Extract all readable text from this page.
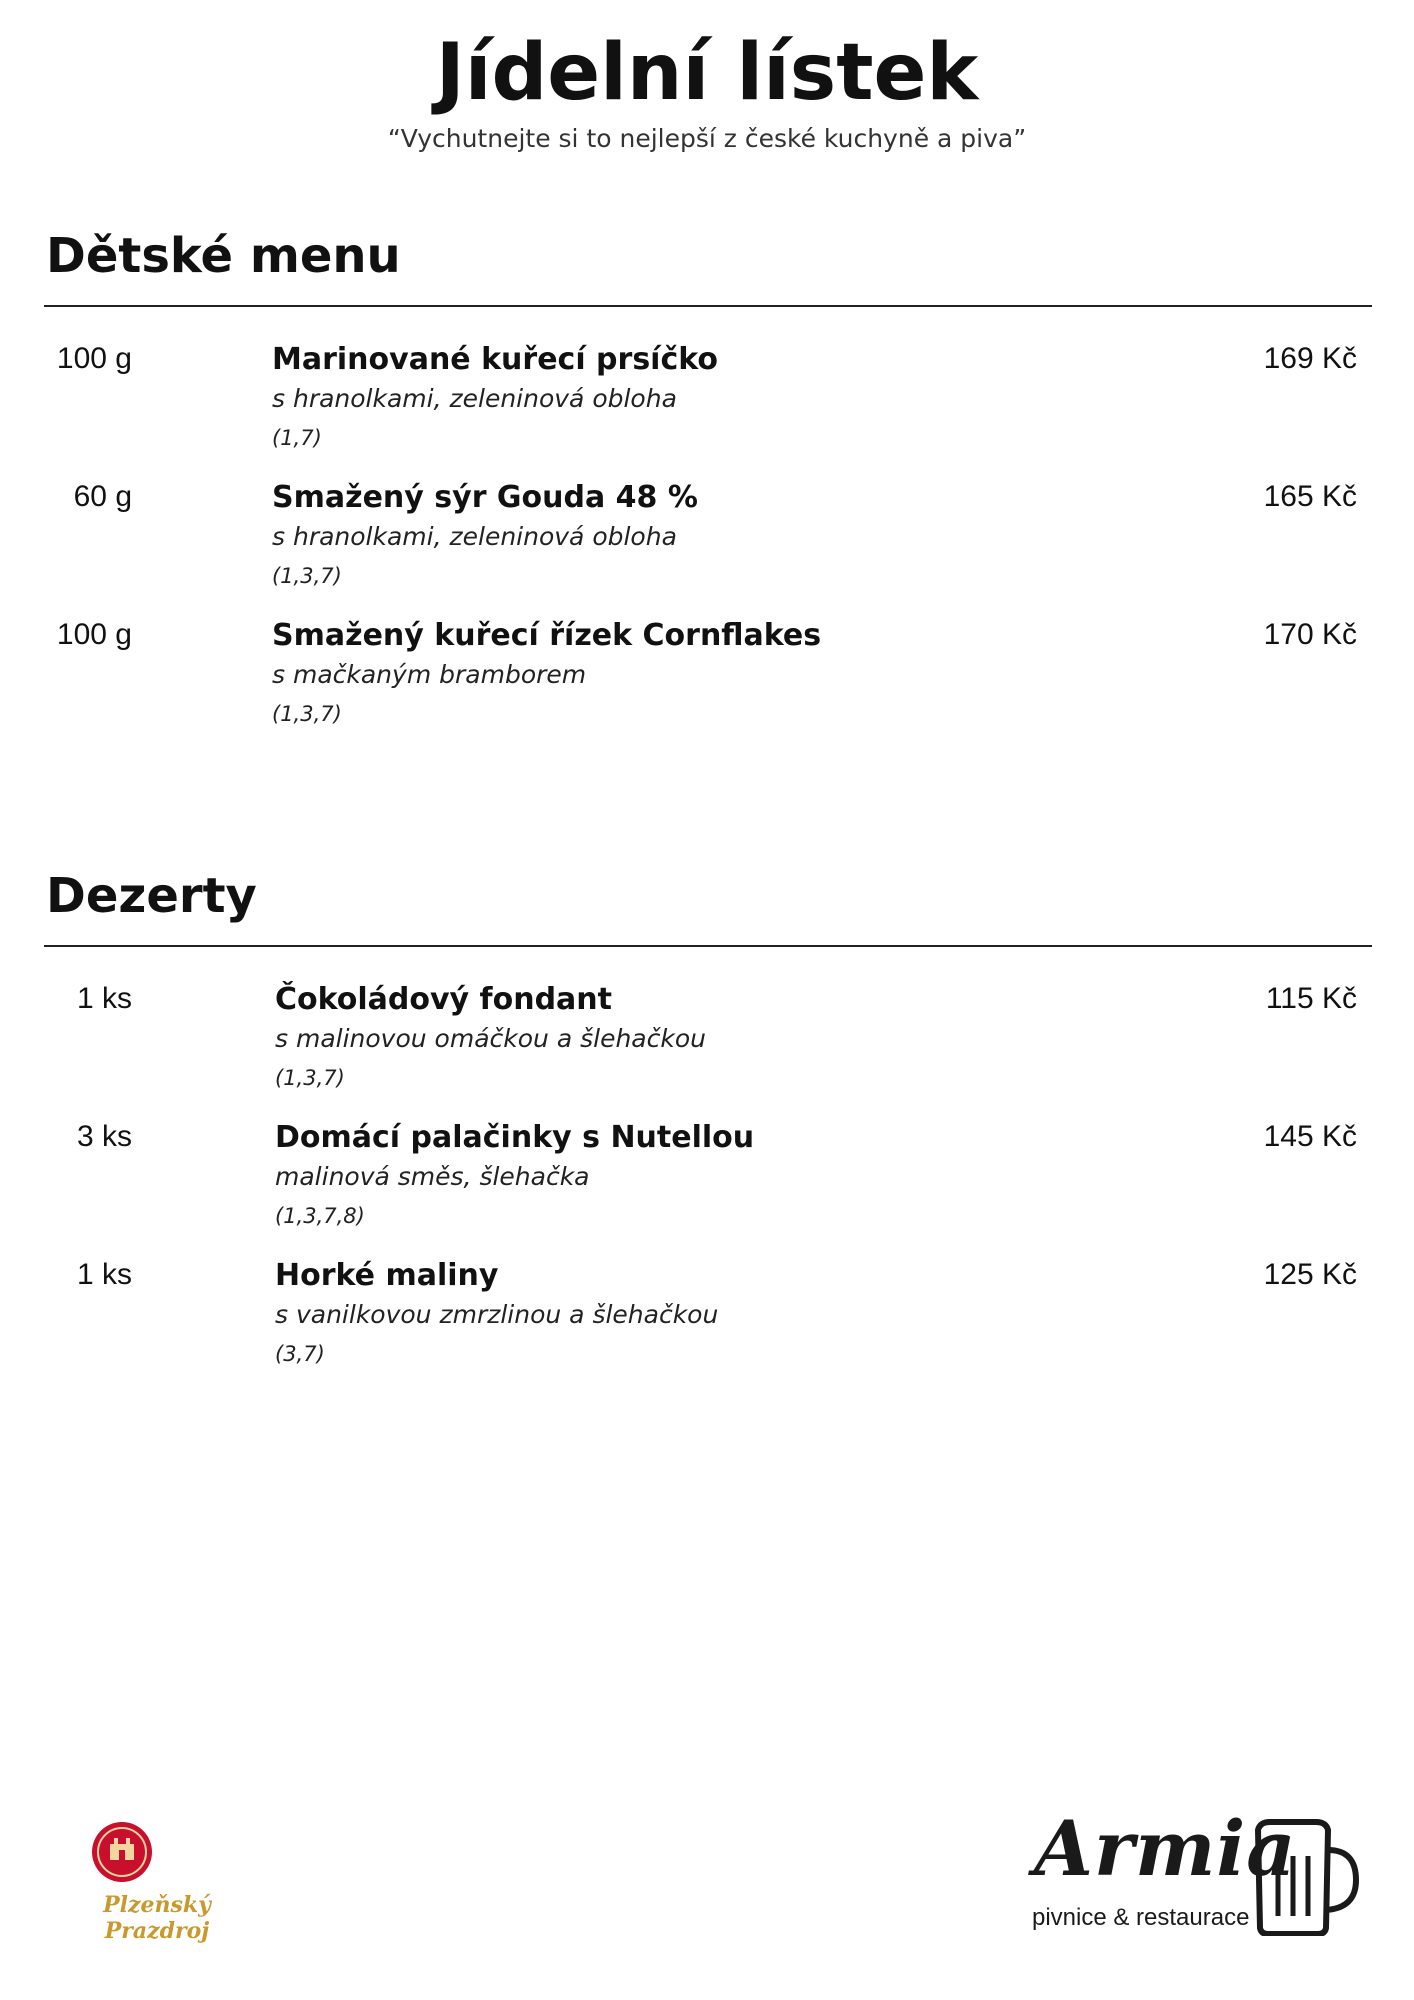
Jídelní lístek
“Vychutnejte si to nejlepší z české kuchyně a piva”
Dětské menu
100 g	Marinované kuřecí prsíčko
s hranolkami, zeleninová obloha
(1,7)
169 Kč
60 g	Smažený sýr Gouda 48 %
s hranolkami, zeleninová obloha
(1,3,7)
165 Kč
100 g	Smažený kuřecí řízek Cornflakes
s mačkaným bramborem
(1,3,7)
170 Kč
Dezerty
1 ks	Čokoládový fondant
s malinovou omáčkou a šlehačkou
(1,3,7)
115 Kč
3 ks	Domácí palačinky s Nutellou
malinová směs, šlehačka
(1,3,7,8)
145 Kč
1 ks	Horké maliny
s vanilkovou zmrzlinou a šlehačkou
(3,7)
125 Kč
Plzeňský Prazdroj
Armia
pivnice & restaurace
